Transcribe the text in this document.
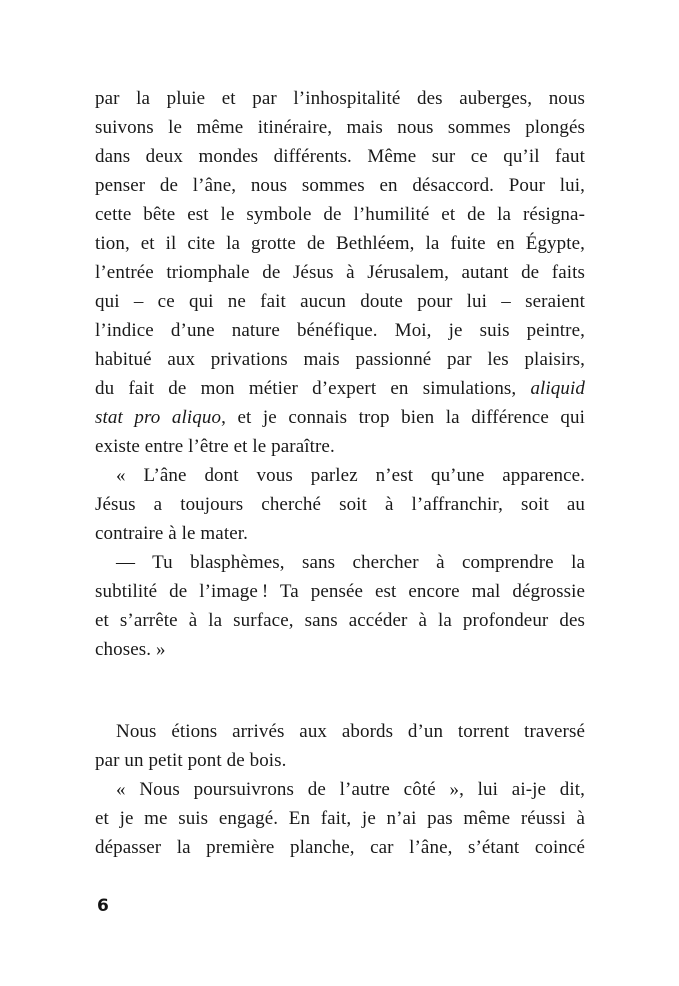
par la pluie et par l’inhospitalité des auberges, nous
suivons le même itinéraire, mais nous sommes plongés
dans deux mondes différents. Même sur ce qu’il faut
penser de l’âne, nous sommes en désaccord. Pour lui,
cette bête est le symbole de l’humilité et de la résigna-
tion, et il cite la grotte de Bethléem, la fuite en Égypte,
l’entrée triomphale de Jésus à Jérusalem, autant de faits
qui – ce qui ne fait aucun doute pour lui – seraient
l’indice d’une nature bénéfique. Moi, je suis peintre,
habitué aux privations mais passionné par les plaisirs,
du fait de mon métier d’expert en simulations, aliquid
stat pro aliquo, et je connais trop bien la différence qui
existe entre l’être et le paraître.
« L’âne dont vous parlez n’est qu’une apparence.
Jésus a toujours cherché soit à l’affranchir, soit au
contraire à le mater.
— Tu blasphèmes, sans chercher à comprendre la
subtilité de l’image ! Ta pensée est encore mal dégrossie
et s’arrête à la surface, sans accéder à la profondeur des
choses. »
Nous étions arrivés aux abords d’un torrent traversé
par un petit pont de bois.
« Nous poursuivrons de l’autre côté », lui ai-je dit,
et je me suis engagé. En fait, je n’ai pas même réussi à
dépasser la première planche, car l’âne, s’étant coincé
6
